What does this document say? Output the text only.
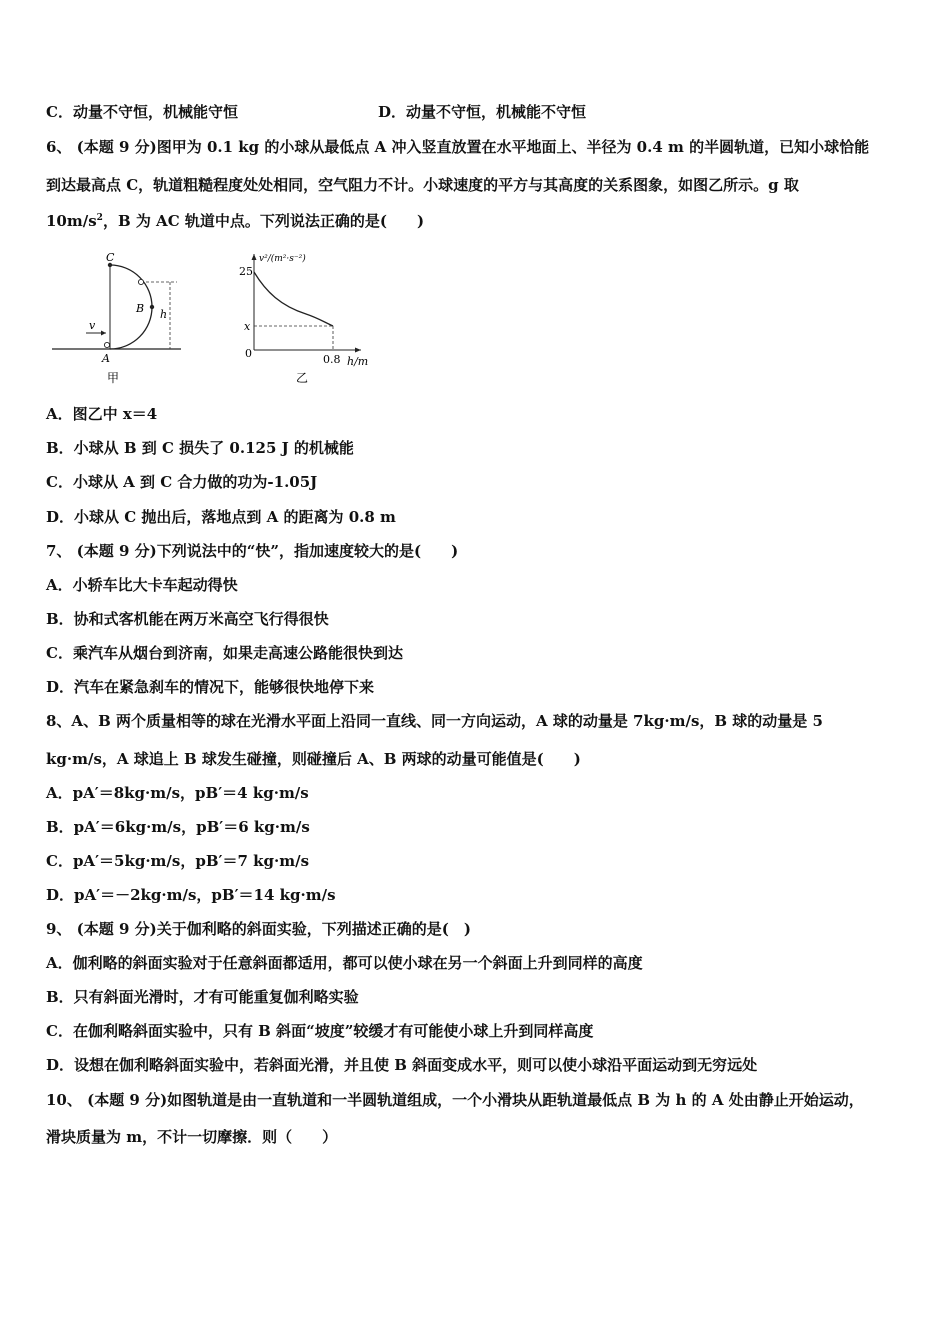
C．动量不守恒，机械能守恒	D．动量不守恒，机械能不守恒
6、 (本题 9 分)图甲为 0.1 kg 的小球从最低点 A 冲入竖直放置在水平地面上、半径为 0.4 m 的半圆轨道，已知小球恰能
到达最高点 C，轨道粗糙程度处处相同，空气阻力不计。小球速度的平方与其高度的关系图象，如图乙所示。g 取
$10m/s^2$，B 为 AC 轨道中点。下列说法正确的是(　　)
C
B h
v
A
甲
v²/(m²·s⁻²)
25
x
0	0.8 h/m
乙
A．图乙中 x＝4
B．小球从 B 到 C 损失了 0.125 J 的机械能
C．小球从 A 到 C 合力做的功为-1.05J
D．小球从 C 抛出后，落地点到 A 的距离为 0.8 m
7、 (本题 9 分)下列说法中的“快”，指加速度较大的是(　　)
A．小轿车比大卡车起动得快
B．协和式客机能在两万米高空飞行得很快
C．乘汽车从烟台到济南，如果走高速公路能很快到达
D．汽车在紧急刹车的情况下，能够很快地停下来
8、A、B 两个质量相等的球在光滑水平面上沿同一直线、同一方向运动，A 球的动量是 7kg·m/s，B 球的动量是 5
kg·m/s，A 球追上 B 球发生碰撞，则碰撞后 A、B 两球的动量可能值是(　　)
A．pA′＝8kg·m/s，pB′＝4 kg·m/s
B．pA′＝6kg·m/s，pB′＝6 kg·m/s
C．pA′＝5kg·m/s，pB′＝7 kg·m/s
D．pA′＝－2kg·m/s，pB′＝14 kg·m/s
9、 (本题 9 分)关于伽利略的斜面实验，下列描述正确的是(　)
A．伽利略的斜面实验对于任意斜面都适用，都可以使小球在另一个斜面上升到同样的高度
B．只有斜面光滑时，才有可能重复伽利略实验
C．在伽利略斜面实验中，只有 B 斜面“坡度”较缓才有可能使小球上升到同样高度
D．设想在伽利略斜面实验中，若斜面光滑，并且使 B 斜面变成水平，则可以使小球沿平面运动到无穷远处
10、 (本题 9 分)如图轨道是由一直轨道和一半圆轨道组成，一个小滑块从距轨道最低点 B 为 h 的 A 处由静止开始运动，
滑块质量为 m，不计一切摩擦．则（　　）
